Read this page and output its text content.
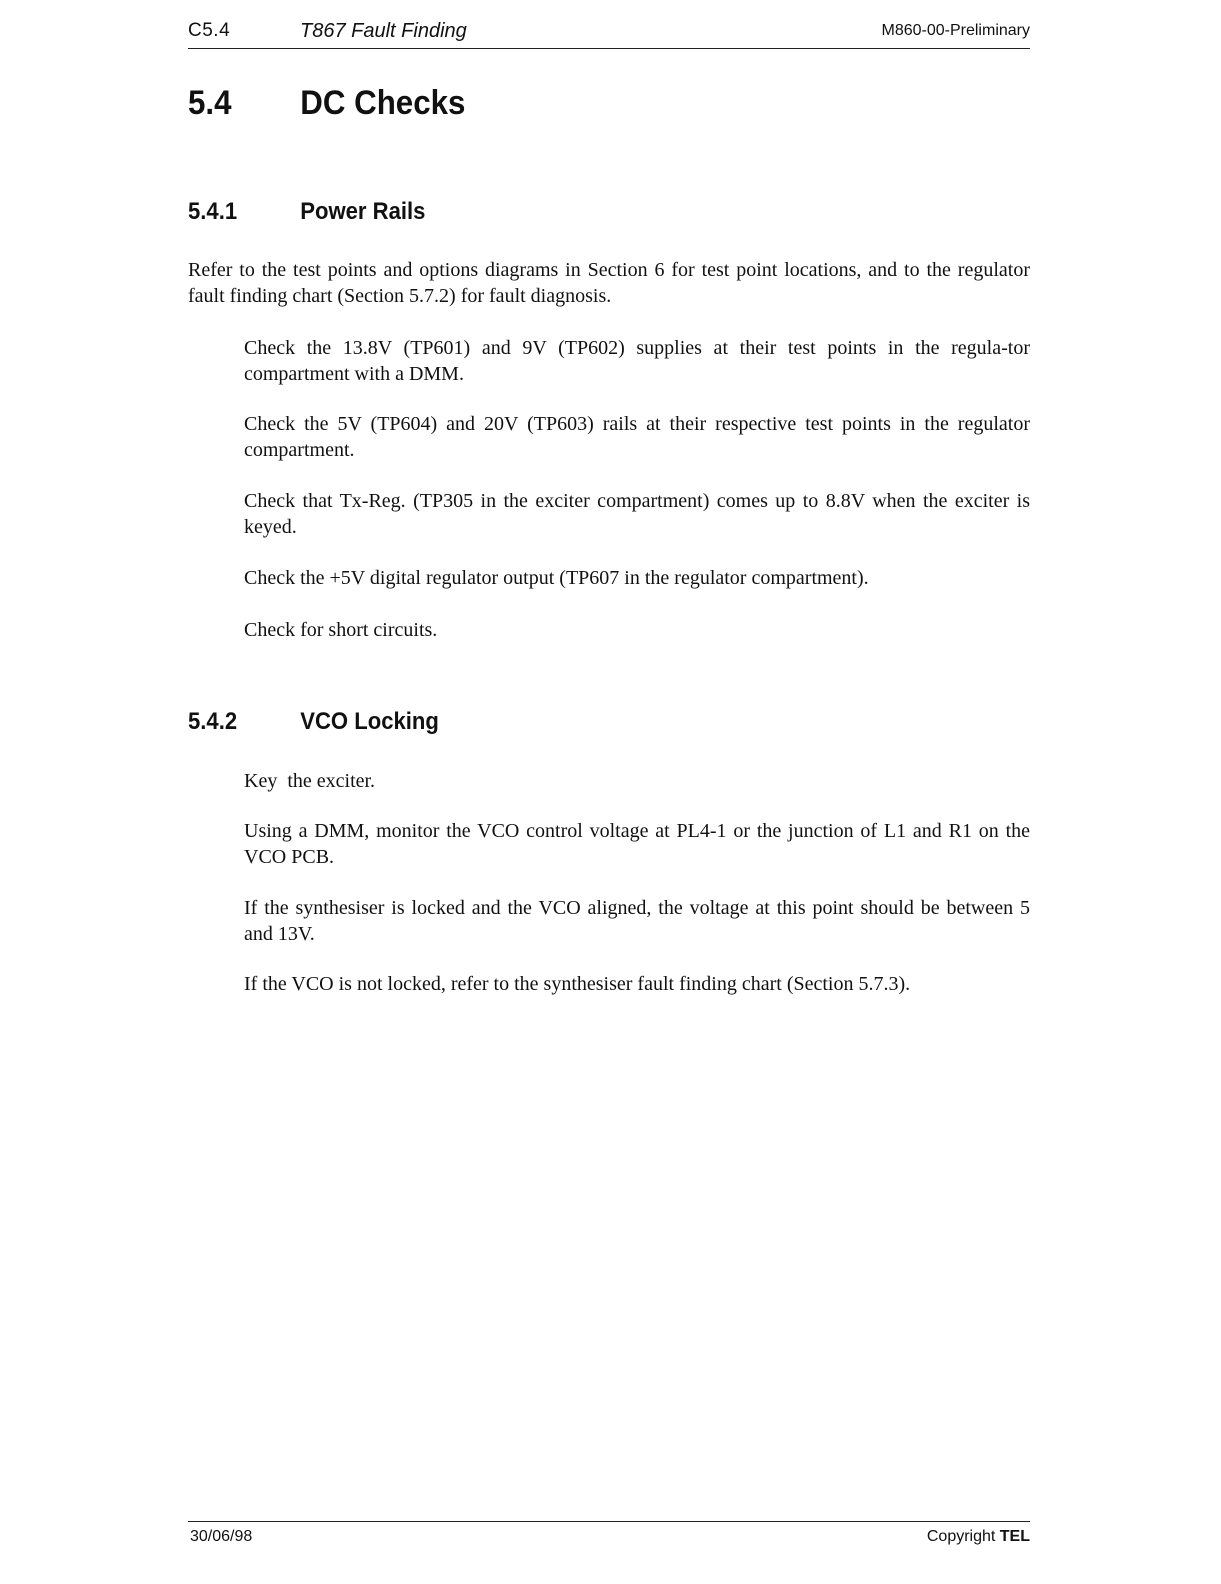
C5.4	T867 Fault Finding	M860-00-Preliminary
5.4 DC Checks
5.4.1	Power Rails
Refer to the test points and options diagrams in Section 6 for test point locations, and to the regulator fault finding chart (Section 5.7.2) for fault diagnosis.
Check the 13.8V (TP601) and 9V (TP602) supplies at their test points in the regula-tor compartment with a DMM.
Check the 5V (TP604) and 20V (TP603) rails at their respective test points in the regulator compartment.
Check that Tx-Reg. (TP305 in the exciter compartment) comes up to 8.8V when the exciter is keyed.
Check the +5V digital regulator output (TP607 in the regulator compartment).
Check for short circuits.
5.4.2	VCO Locking
Key  the exciter.
Using a DMM, monitor the VCO control voltage at PL4-1 or the junction of L1 and R1 on the VCO PCB.
If the synthesiser is locked and the VCO aligned, the voltage at this point should be between 5 and 13V.
If the VCO is not locked, refer to the synthesiser fault finding chart (Section 5.7.3).
30/06/98	Copyright TEL
